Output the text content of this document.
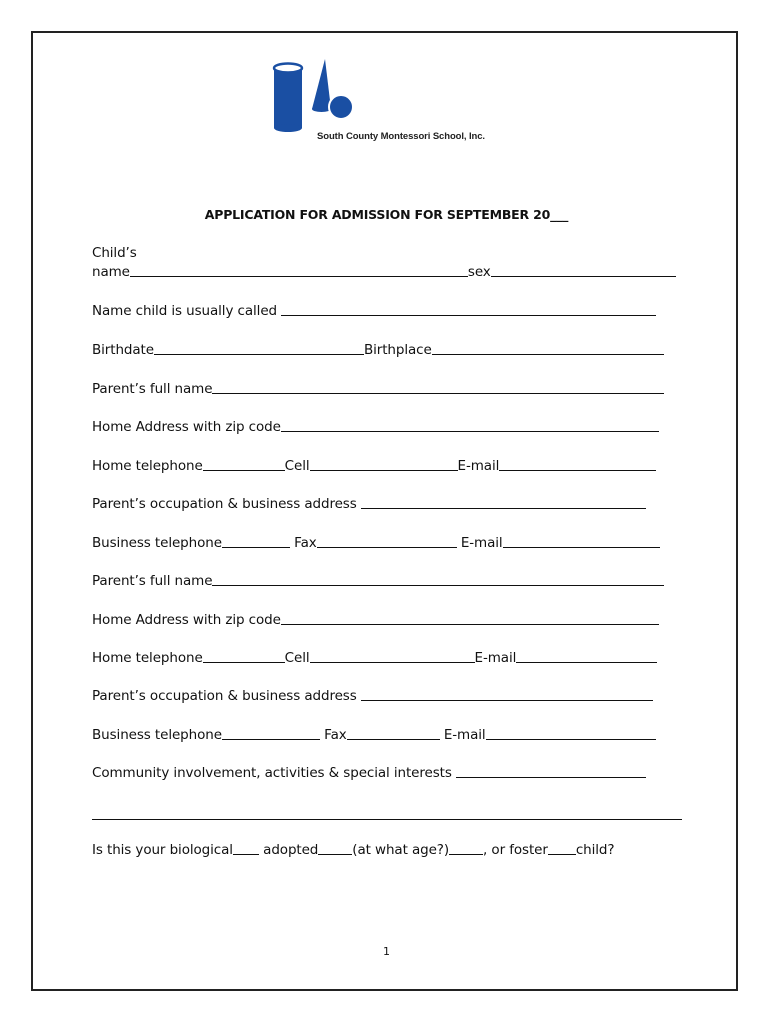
South County Montessori School, Inc.
APPLICATION FOR ADMISSION FOR SEPTEMBER 20___
Child’s
name	sex
Name child is usually called
Birthdate	Birthplace
Parent’s full name
Home Address with zip code
Home telephone	Cell	E-mail
Parent’s occupation & business address
Business telephone	Fax	E-mail
Parent’s full name
Home Address with zip code
Home telephone	Cell	E-mail
Parent’s occupation & business address
Business telephone	Fax	E-mail
Community involvement, activities & special interests
Is this your biological adopted	(at what age?)	, or foster child?
1
